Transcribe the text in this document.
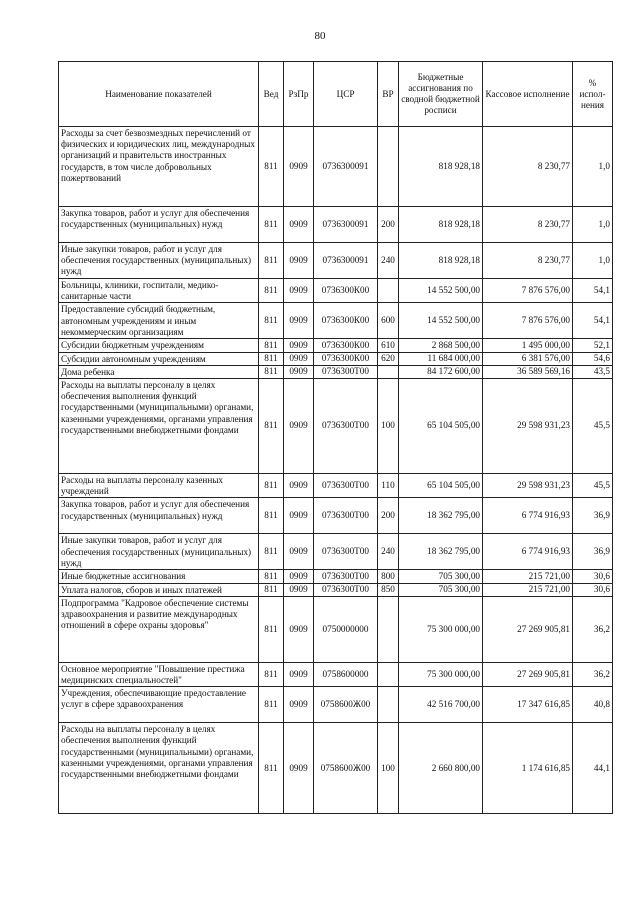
80
Наименование показателей	Вед	РзПр	ЦСР	ВР	Бюджетные ассигнования по сводной бюджетной росписи	Кассовое исполнение	% испол-нения
Расходы за счет безвозмездных перечислений от физических и юридических лиц, международных организаций и правительств иностранных государств, в том числе добровольных пожертвований	811	0909	0736300091		818 928,18	8 230,77	1,0
Закупка товаров, работ и услуг для обеспечения государственных (муниципальных) нужд	811	0909	0736300091	200	818 928,18	8 230,77	1,0
Иные закупки товаров, работ и услуг для обеспечения государственных (муниципальных) нужд	811	0909	0736300091	240	818 928,18	8 230,77	1,0
Больницы, клиники, госпитали, медико-санитарные части	811	0909	0736300К00		14 552 500,00	7 876 576,00	54,1
Предоставление субсидий бюджетным, автономным учреждениям и иным некоммерческим организациям	811	0909	0736300К00	600	14 552 500,00	7 876 576,00	54,1
Субсидии бюджетным учреждениям	811	0909	0736300К00	610	2 868 500,00	1 495 000,00	52,1
Субсидии автономным учреждениям	811	0909	0736300К00	620	11 684 000,00	6 381 576,00	54,6
Дома ребенка	811	0909	0736300Т00		84 172 600,00	36 589 569,16	43,5
Расходы на выплаты персоналу в целях обеспечения выполнения функций государственными (муниципальными) органами, казенными учреждениями, органами управления государственными внебюджетными фондами	811	0909	0736300Т00	100	65 104 505,00	29 598 931,23	45,5
Расходы на выплаты персоналу казенных учреждений	811	0909	0736300Т00	110	65 104 505,00	29 598 931,23	45,5
Закупка товаров, работ и услуг для обеспечения государственных (муниципальных) нужд	811	0909	0736300Т00	200	18 362 795,00	6 774 916,93	36,9
Иные закупки товаров, работ и услуг для обеспечения государственных (муниципальных) нужд	811	0909	0736300Т00	240	18 362 795,00	6 774 916,93	36,9
Иные бюджетные ассигнования	811	0909	0736300Т00	800	705 300,00	215 721,00	30,6
Уплата налогов, сборов и иных платежей	811	0909	0736300Т00	850	705 300,00	215 721,00	30,6
Подпрограмма "Кадровое обеспечение системы здравоохранения и развитие международных отношений в сфере охраны здоровья"	811	0909	0750000000		75 300 000,00	27 269 905,81	36,2
Основное мероприятие "Повышение престижа медицинских специальностей"	811	0909	0758600000		75 300 000,00	27 269 905,81	36,2
Учреждения, обеспечивающие предоставление услуг в сфере здравоохранения	811	0909	0758600Ж00		42 516 700,00	17 347 616,85	40,8
Расходы на выплаты персоналу в целях обеспечения выполнения функций государственными (муниципальными) органами, казенными учреждениями, органами управления государственными внебюджетными фондами	811	0909	0758600Ж00	100	2 660 800,00	1 174 616,85	44,1
